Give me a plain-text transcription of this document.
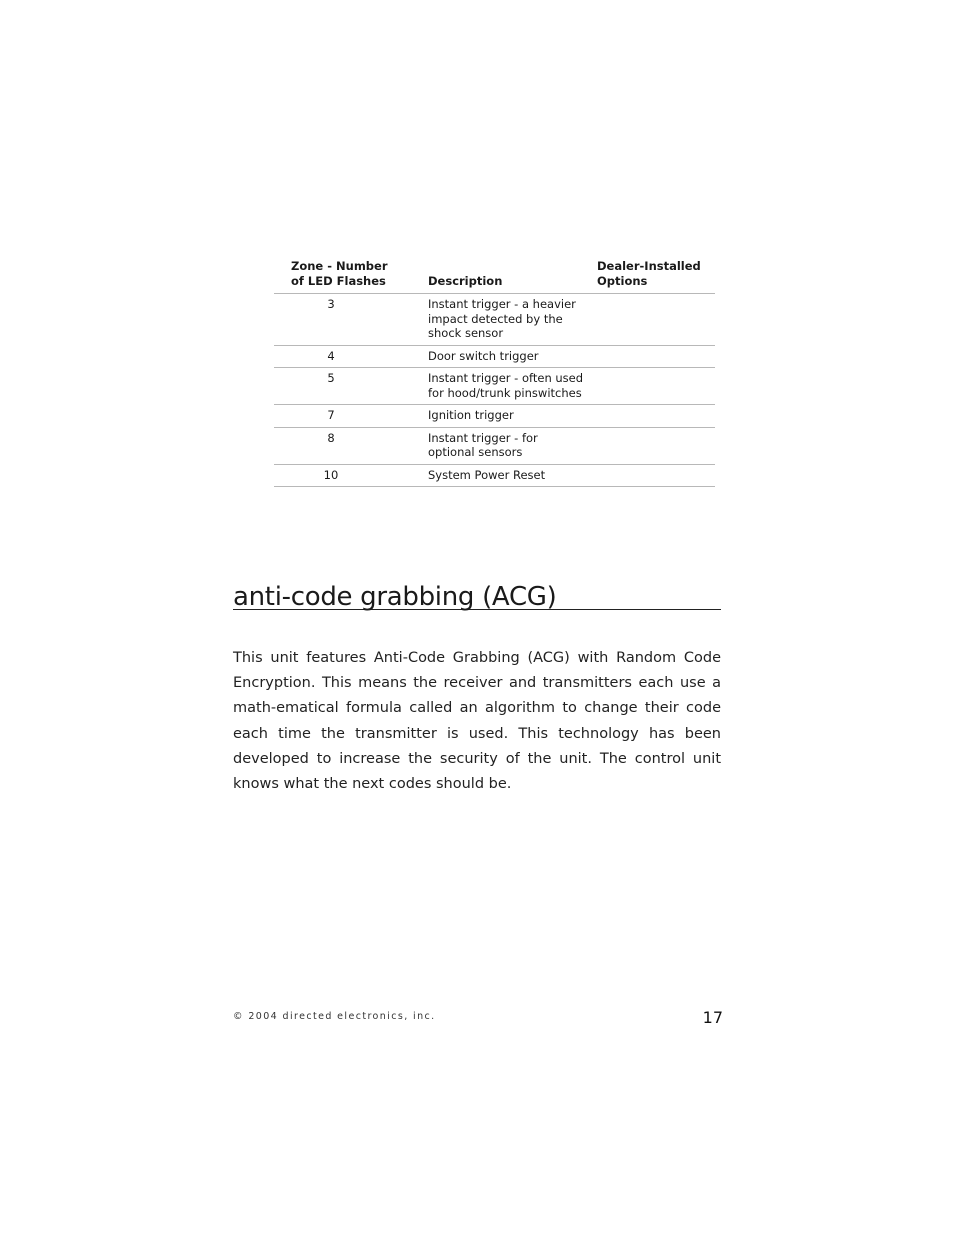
Zone - Number
of LED Flashes	Description	Dealer-Installed
Options
3	Instant trigger - a heavier impact detected by the shock sensor	
4	Door switch trigger	
5	Instant trigger - often used for hood/trunk pinswitches	
7	Ignition trigger	
8	Instant trigger - for optional sensors	
10	System Power Reset	
anti-code grabbing (ACG)

This unit features Anti-Code Grabbing (ACG) with Random Code Encryption. This means the receiver and transmitters each use a math-ematical formula called an algorithm to change their code each time the transmitter is used. This technology has been developed to increase the security of the unit. The control unit knows what the next codes should be.

© 2004 directed electronics, inc.	17
